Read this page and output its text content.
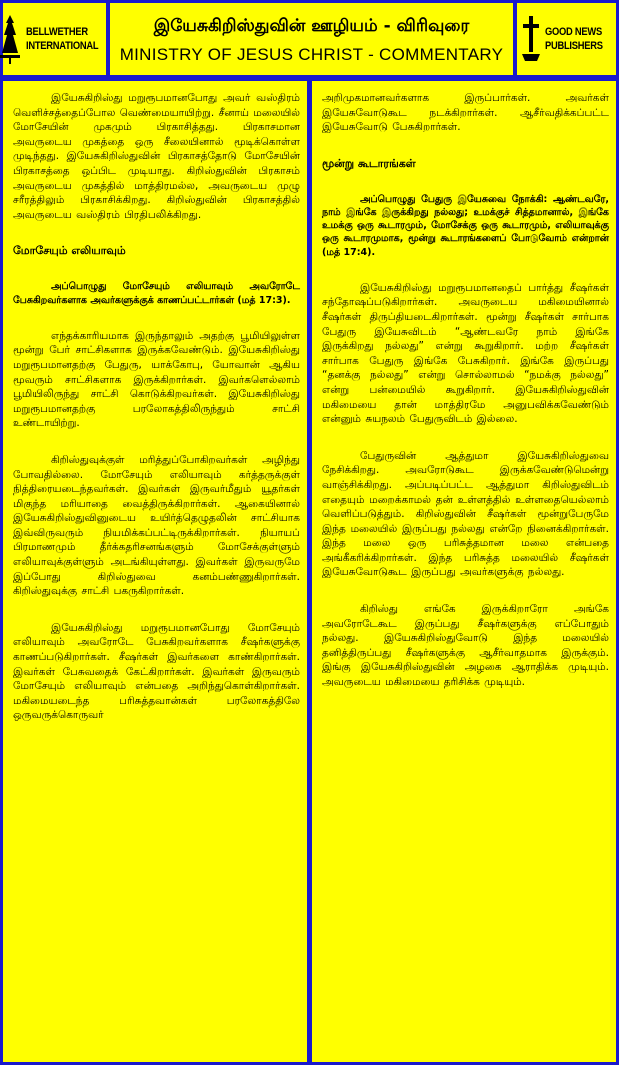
BELLWETHER
INTERNATIONAL
இயேசுகிறிஸ்துவின் ஊழியம் - விரிவுரை
MINISTRY OF JESUS CHRIST - COMMENTARY
GOOD NEWS
PUBLISHERS

இயேசுகிறிஸ்து மறுரூபமானபோது அவர் வஸ்திரம் வெளிச்சத்தைப்போல வெண்மையாயிற்று. சீனாய் மலையில் மோசேயின் முகமும் பிரகாசித்தது. பிரகாசமான அவருடைய முகத்தை ஒரு சீலையினால் மூடிக்கொள்ள முடிந்தது. இயேசுகிறிஸ்துவின் பிரகாசத்தோடு மோசேயின் பிரகாசத்தை ஒப்பிட முடியாது. கிறிஸ்துவின் பிரகாசம் அவருடைய முகத்தில் மாத்திரமல்ல, அவருடைய முழு சரீரத்திலும் பிரகாசிக்கிறது. கிறிஸ்துவின் பிரகாசத்தில் அவருடைய வஸ்திரம் பிரதிபலிக்கிறது.

மோசேயும் எலியாவும்

அப்பொழுது மோசேயும் எலியாவும் அவரோடே பேசுகிறவர்களாக அவர்களுக்குக் காணப்பட்டார்கள் (மத் 17:3).

எந்தக்காரியமாக இருந்தாலும் அதற்கு பூமியிலுள்ள மூன்று பேர் சாட்சிகளாக இருக்கவேண்டும். இயேசுகிறிஸ்து மறுரூபமானதற்கு பேதுரு, யாக்கோபு, யோவான் ஆகிய மூவரும் சாட்சிகளாக இருக்கிறார்கள். இவர்களெல்லாம் பூமியிலிருந்து சாட்சி கொடுக்கிறவர்கள். இயேசுகிறிஸ்து மறுரூபமானதற்கு பரலோகத்திலிருந்தும் சாட்சி உண்டாயிற்று.

கிறிஸ்துவுக்குள் மரித்துப்போகிறவர்கள் அழிந்து போவதில்லை. மோசேயும் எலியாவும் கர்த்தருக்குள் நித்திரையடைந்தவர்கள். இவர்கள் இருவர்மீதும் யூதர்கள் மிகுந்த மரியாதை வைத்திருக்கிறார்கள். ஆகையினால் இயேசுகிறிஸ்துவினுடைய உயிர்த்தெழுதலின் சாட்சியாக இவ்விருவரும் நியமிக்கப்பட்டிருக்கிறார்கள். நியாயப் பிரமாணமும் தீர்க்கதரிசனங்களும் மோசேக்குள்ளும் எலியாவுக்குள்ளும் அடங்கியுள்ளது. இவர்கள் இருவருமே இப்போது கிறிஸ்துவை கனம்பண்ணுகிறார்கள். கிறிஸ்துவுக்கு சாட்சி பகருகிறார்கள்.

இயேசுகிறிஸ்து மறுரூபமானபோது மோசேயும் எலியாவும் அவரோடே பேசுகிறவர்களாக சீஷர்களுக்கு காணப்படுகிறார்கள். சீஷர்கள் இவர்களை காண்கிறார்கள். இவர்கள் பேசுவதைக் கேட்கிறார்கள். இவர்கள் இருவரும் மோசேயும் எலியாவும் என்பதை அறிந்துகொள்கிறார்கள். மகிமையடைந்த பரிசுத்தவான்கள் பரலோகத்திலே ஒருவருக்கொருவர்

அறிமுகமானவர்களாக இருப்பார்கள். அவர்கள் இயேசுவோடுகூட நடக்கிறார்கள். ஆசீர்வதிக்கப்பட்ட இயேசுவோடு பேசுகிறார்கள்.

மூன்று கூடாரங்கள்

அப்பொழுது பேதுரு இயேசுவை நோக்கி: ஆண்டவரே, நாம் இங்கே இருக்கிறது நல்லது; உமக்குச் சித்தமானால், இங்கே உமக்கு ஒரு கூடாரமும், மோசேக்கு ஒரு கூடாரமும், எலியாவுக்கு ஒரு கூடாரமுமாக, மூன்று கூடாரங்களைப் போடுவோம் என்றான் (மத் 17:4).

இயேசுகிறிஸ்து மறுரூபமானதைப் பார்த்து சீஷர்கள் சந்தோஷப்படுகிறார்கள். அவருடைய மகிமையினால் சீஷர்கள் திருப்தியடைகிறார்கள். மூன்று சீஷர்கள் சார்பாக பேதுரு இயேசுவிடம் “ஆண்டவரே நாம் இங்கே இருக்கிறது நல்லது” என்று கூறுகிறார். மற்ற சீஷர்கள் சார்பாக பேதுரு இங்கே பேசுகிறார். இங்கே இருப்பது “தனக்கு நல்லது” என்று சொல்லாமல் “நமக்கு நல்லது” என்று பன்மையில் கூறுகிறார். இயேசுகிறிஸ்துவின் மகிமையை தான் மாத்திரமே அனுபவிக்கவேண்டும் என்னும் சுயநலம் பேதுருவிடம் இல்லை.

பேதுருவின் ஆத்துமா இயேசுகிறிஸ்துவை நேசிக்கிறது. அவரோடுகூட இருக்கவேண்டுமென்று வாஞ்சிக்கிறது. அப்படிப்பட்ட ஆத்துமா கிறிஸ்துவிடம் எதையும் மறைக்காமல் தன் உள்ளத்தில் உள்ளதையெல்லாம் வெளிப்படுத்தும். கிறிஸ்துவின் சீஷர்கள் மூன்றுபேருமே இந்த மலையில் இருப்பது நல்லது என்றே நினைக்கிறார்கள். இந்த மலை ஒரு பரிசுத்தமான மலை என்பதை அங்கீகரிக்கிறார்கள். இந்த பரிசுத்த மலையில் சீஷர்கள் இயேசுவோடுகூட இருப்பது அவர்களுக்கு நல்லது.

கிறிஸ்து எங்கே இருக்கிறாரோ அங்கே அவரோடேகூட இருப்பது சீஷர்களுக்கு எப்போதும் நல்லது. இயேசுகிறிஸ்துவோடு இந்த மலையில் தனித்திருப்பது சீஷர்களுக்கு ஆசீர்வாதமாக இருக்கும். இங்கு இயேசுகிறிஸ்துவின் அழகை ஆராதிக்க முடியும். அவருடைய மகிமையை தரிசிக்க முடியும்.
